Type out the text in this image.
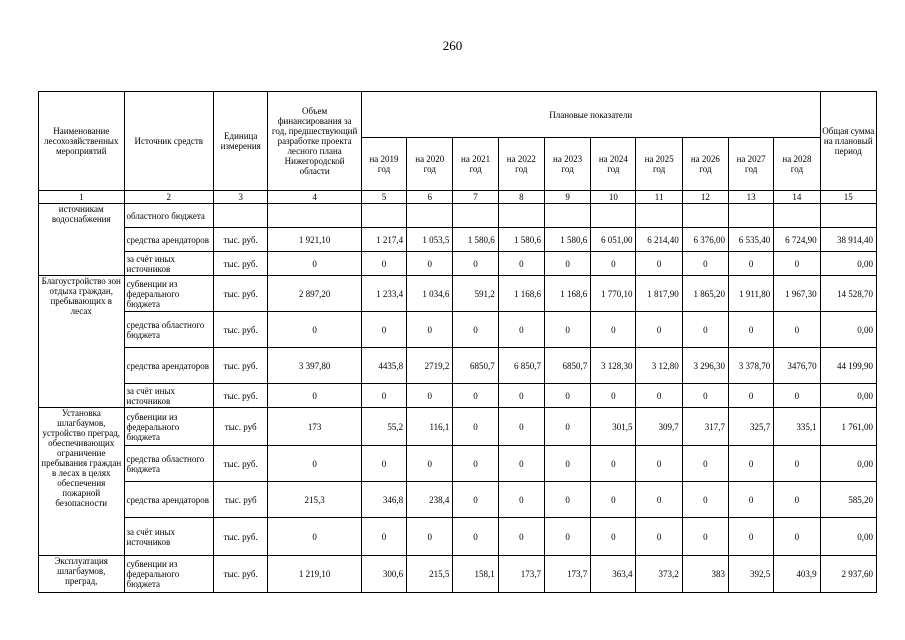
260
Наименование лесохозяйственных мероприятий	Источник средств	Единица измерения	Объем финансирования за год, предшествующий разработке проекта лесного плана Нижегородской области	Плановые показатели										Общая сумма на плановый период
				на 2019 год	на 2020 год	на 2021 год	на 2022 год	на 2023 год	на 2024 год	на 2025 год	на 2026 год	на 2027 год	на 2028 год	
1	2	3	4	5	6	7	8	9	10	11	12	13	14	15
источникам водоснабжения	областного бюджета													
	средства арендаторов	тыс. руб.	1 921,10	1 217,4	1 053,5	1 580,6	1 580,6	1 580,6	6 051,00	6 214,40	6 376,00	6 535,40	6 724,90	38 914,40
	за счёт иных источников	тыс. руб.	0	0	0	0	0	0	0	0	0	0	0	0,00
Благоустройство зон отдыха граждан, пребывающих в лесах	субвенции из федерального бюджета	тыс. руб.	2 897,20	1 233,4	1 034,6	591,2	1 168,6	1 168,6	1 770,10	1 817,90	1 865,20	1 911,80	1 967,30	14 528,70
	средства областного бюджета	тыс. руб.	0	0	0	0	0	0	0	0	0	0	0	0,00
	средства арендаторов	тыс. руб.	3 397,80	4435,8	2719,2	6850,7	6 850,7	6850,7	3 128,30	3 12,80	3 296,30	3 378,70	3476,70	44 199,90
	за счёт иных источников	тыс. руб.	0	0	0	0	0	0	0	0	0	0	0	0,00
Установка шлагбаумов, устройство преград, обеспечивающих ограничение пребывания граждан в лесах в целях обеспечения пожарной безопасности	субвенции из федерального бюджета	тыс. руб	173	55,2	116,1	0	0	0	301,5	309,7	317,7	325,7	335,1	1 761,00
	средства областного бюджета	тыс. руб.	0	0	0	0	0	0	0	0	0	0	0	0,00
	средства арендаторов	тыс. руб	215,3	346,8	238,4	0	0	0	0	0	0	0	0	585,20
	за счёт иных источников	тыс. руб.	0	0	0	0	0	0	0	0	0	0	0	0,00
Эксплуатация шлагбаумов, преград,	субвенции из федерального бюджета	тыс. руб.	1 219,10	300,6	215,5	158,1	173,7	173,7	363,4	373,2	383	392,5	403,9	2 937,60
